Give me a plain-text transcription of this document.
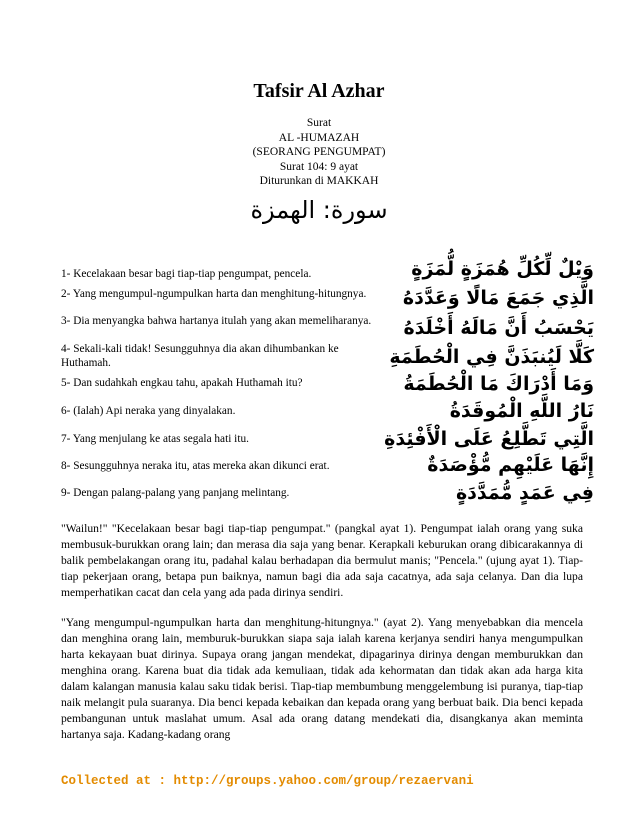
Tafsir Al Azhar
Surat
AL -HUMAZAH
(SEORANG PENGUMPAT)
Surat 104: 9 ayat
Diturunkan di MAKKAH
سورة: الهمزة
1- Kecelakaan besar bagi tiap-tiap pengumpat, pencela.	وَيْلٌ لِّكُلِّ هُمَزَةٍ لُّمَزَةٍ
2- Yang mengumpul-ngumpulkan harta dan menghitung-hitungnya.	الَّذِي جَمَعَ مَالًا وَعَدَّدَهُ
3- Dia menyangka bahwa hartanya itulah yang akan memeliharanya.	يَحْسَبُ أَنَّ مَالَهُ أَخْلَدَهُ
4- Sekali-kali tidak! Sesungguhnya dia akan dihumbankan ke Huthamah.	كَلَّا لَيُنبَذَنَّ فِي الْحُطَمَةِ
5- Dan sudahkah engkau tahu, apakah Huthamah itu?	وَمَا أَدْرَاكَ مَا الْحُطَمَةُ
6- (Ialah) Api neraka yang dinyalakan.	نَارُ اللَّهِ الْمُوقَدَةُ
7- Yang menjulang ke atas segala hati itu.	الَّتِي تَطَّلِعُ عَلَى الْأَفْئِدَةِ
8- Sesungguhnya neraka itu, atas mereka akan dikunci erat.	إِنَّهَا عَلَيْهِم مُّؤْصَدَةٌ
9- Dengan palang-palang yang panjang melintang.	فِي عَمَدٍ مُّمَدَّدَةٍ
"Wailun!" "Kecelakaan besar bagi tiap-tiap pengumpat." (pangkal ayat 1). Pengumpat ialah orang yang suka membusuk-burukkan orang lain; dan merasa dia saja yang benar. Kerapkali keburukan orang dibicarakannya di balik pembelakangan orang itu, padahal kalau berhadapan dia bermulut manis; "Pencela." (ujung ayat 1). Tiap-tiap pekerjaan orang, betapa pun baiknya, namun bagi dia ada saja cacatnya, ada saja celanya. Dan dia lupa memperhatikan cacat dan cela yang ada pada dirinya sendiri.
"Yang mengumpul-ngumpulkan harta dan menghitung-hitungnya." (ayat 2). Yang menyebabkan dia mencela dan menghina orang lain, memburuk-burukkan siapa saja ialah karena kerjanya sendiri hanya mengumpulkan harta kekayaan buat dirinya. Supaya orang jangan mendekat, dipagarinya dirinya dengan memburukkan dan menghina orang. Karena buat dia tidak ada kemuliaan, tidak ada kehormatan dan tidak akan ada harga kita dalam kalangan manusia kalau saku tidak berisi. Tiap-tiap membumbung menggelembung isi puranya, tiap-tiap naik melangit pula suaranya. Dia benci kepada kebaikan dan kepada orang yang berbuat baik. Dia benci kepada pembangunan untuk maslahat umum. Asal ada orang datang mendekati dia, disangkanya akan meminta hartanya saja. Kadang-kadang orang
Collected at : http://groups.yahoo.com/group/rezaervani
